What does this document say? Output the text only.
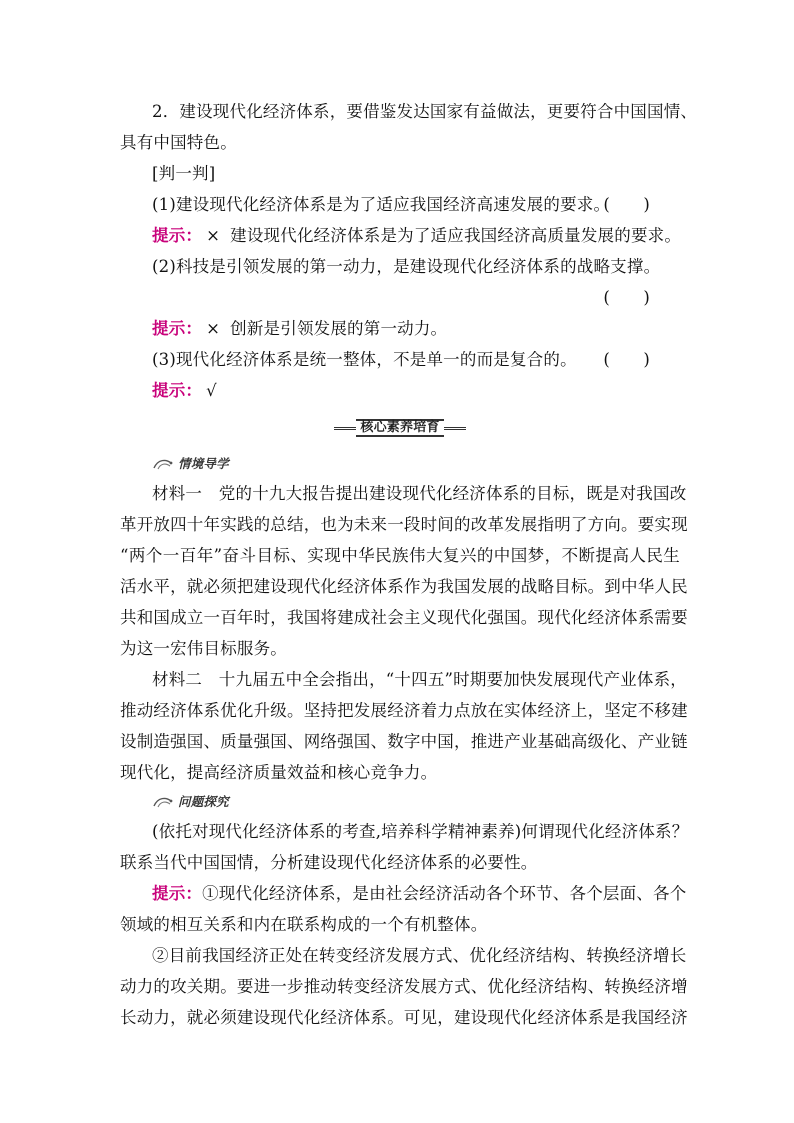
2．建设现代化经济体系，要借鉴发达国家有益做法，更要符合中国国情、
具有中国特色。
[判一判]
(1)建设现代化经济体系是为了适应我国经济高速发展的要求。
(　　)
提示： × 建设现代化经济体系是为了适应我国经济高质量发展的要求。
(2)科技是引领发展的第一动力，是建设现代化经济体系的战略支撑。
(　　)
提示： × 创新是引领发展的第一动力。
(3)现代化经济体系是统一整体，不是单一的而是复合的。 (　　)
提示： √
核心素养培育
情境导学
材料一　党的十九大报告提出建设现代化经济体系的目标，既是对我国改
革开放四十年实践的总结，也为未来一段时间的改革发展指明了方向。要实现
“两个一百年”奋斗目标、实现中华民族伟大复兴的中国梦，不断提高人民生
活水平，就必须把建设现代化经济体系作为我国发展的战略目标。到中华人民
共和国成立一百年时，我国将建成社会主义现代化强国。现代化经济体系需要
为这一宏伟目标服务。
材料二　十九届五中全会指出，“十四五”时期要加快发展现代产业体系，
推动经济体系优化升级。坚持把发展经济着力点放在实体经济上，坚定不移建
设制造强国、质量强国、网络强国、数字中国，推进产业基础高级化、产业链
现代化，提高经济质量效益和核心竞争力。
问题探究
(依托对现代化经济体系的考查,培养科学精神素养)何谓现代化经济体系？
联系当代中国国情，分析建设现代化经济体系的必要性。
提示：①现代化经济体系，是由社会经济活动各个环节、各个层面、各个
领域的相互关系和内在联系构成的一个有机整体。
②目前我国经济正处在转变经济发展方式、优化经济结构、转换经济增长
动力的攻关期。要进一步推动转变经济发展方式、优化经济结构、转换经济增
长动力，就必须建设现代化经济体系。可见，建设现代化经济体系是我国经济
